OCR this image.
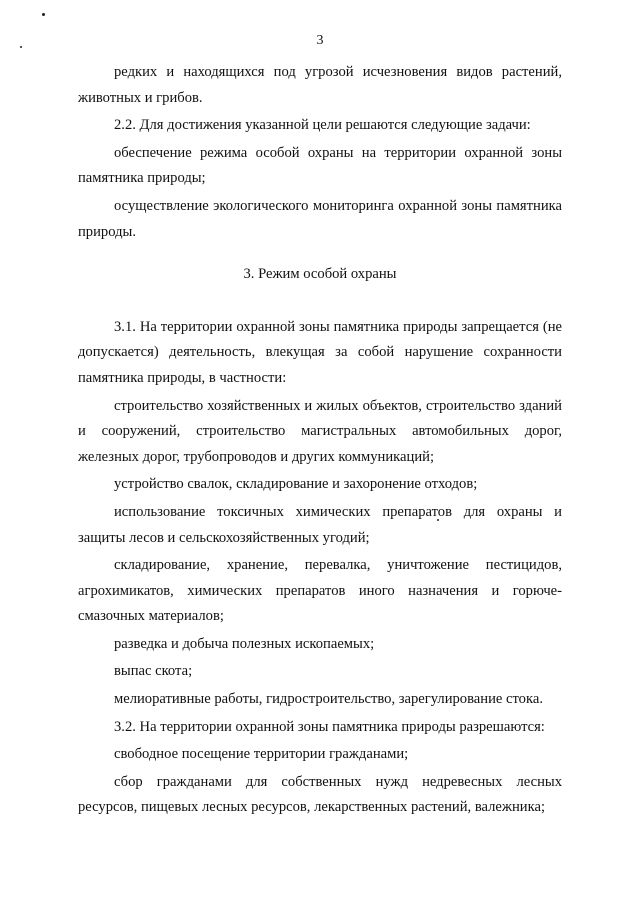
3

редких и находящихся под угрозой исчезновения видов растений, животных и грибов.

2.2. Для достижения указанной цели решаются следующие задачи:

обеспечение режима особой охраны на территории охранной зоны памятника природы;

осуществление экологического мониторинга охранной зоны памятника природы.

3. Режим особой охраны

3.1. На территории охранной зоны памятника природы запрещается (не допускается) деятельность, влекущая за собой нарушение сохранности памятника природы, в частности:

строительство хозяйственных и жилых объектов, строительство зданий и сооружений, строительство магистральных автомобильных дорог, железных дорог, трубопроводов и других коммуникаций;

устройство свалок, складирование и захоронение отходов;

использование токсичных химических препаратов для охраны и защиты лесов и сельскохозяйственных угодий;

складирование, хранение, перевалка, уничтожение пестицидов, агрохимикатов, химических препаратов иного назначения и горюче-смазочных материалов;

разведка и добыча полезных ископаемых;

выпас скота;

мелиоративные работы, гидростроительство, зарегулирование стока.

3.2. На территории охранной зоны памятника природы разрешаются:

свободное посещение территории гражданами;

сбор гражданами для собственных нужд недревесных лесных ресурсов, пищевых лесных ресурсов, лекарственных растений, валежника;
